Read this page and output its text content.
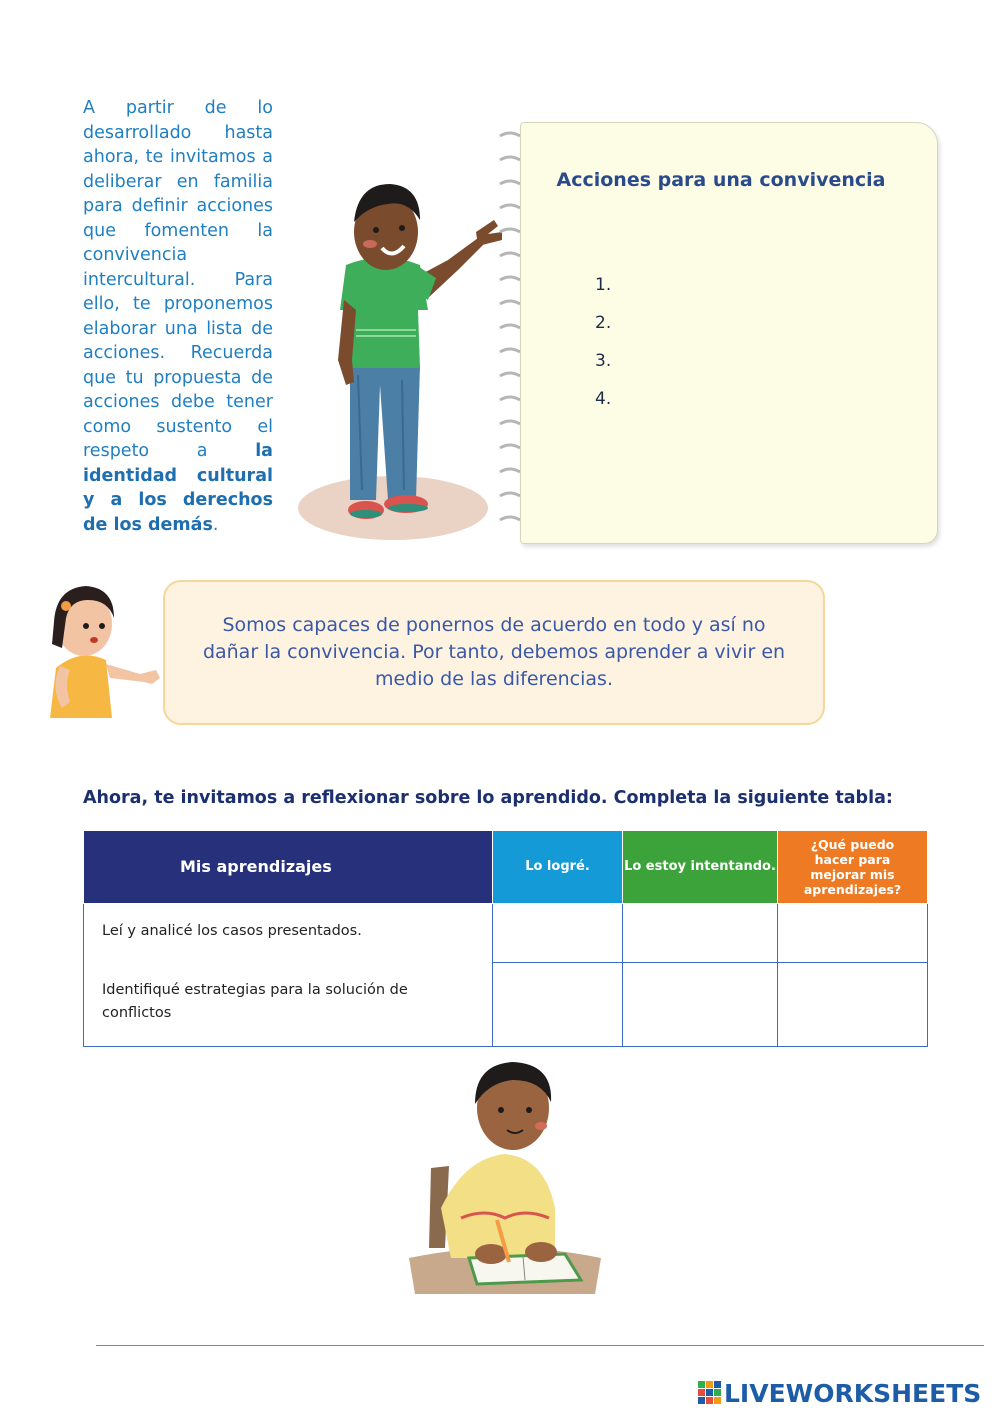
A partir de lo desarrollado hasta ahora, te invitamos a deliberar en familia para definir acciones que fomenten la convivencia intercultural. Para ello, te proponemos elaborar una lista de acciones. Recuerda que tu propuesta de acciones debe tener como sustento el respeto a la identidad cultural y a los derechos de los demás.
Acciones para una convivencia
1.
2.
3.
4.
Somos capaces de ponernos de acuerdo en todo y así no dañar la convivencia. Por tanto, debemos aprender a vivir en medio de las diferencias.
Ahora, te invitamos a reflexionar sobre lo aprendido. Completa la siguiente tabla:
Mis aprendizajes	Lo logré.	Lo estoy intentando.	¿Qué puedo hacer para mejorar mis aprendizajes?

Leí y analicé los casos presentados.
Identifiqué estrategias para la solución de conflictos			

LIVEWORKSHEETS
